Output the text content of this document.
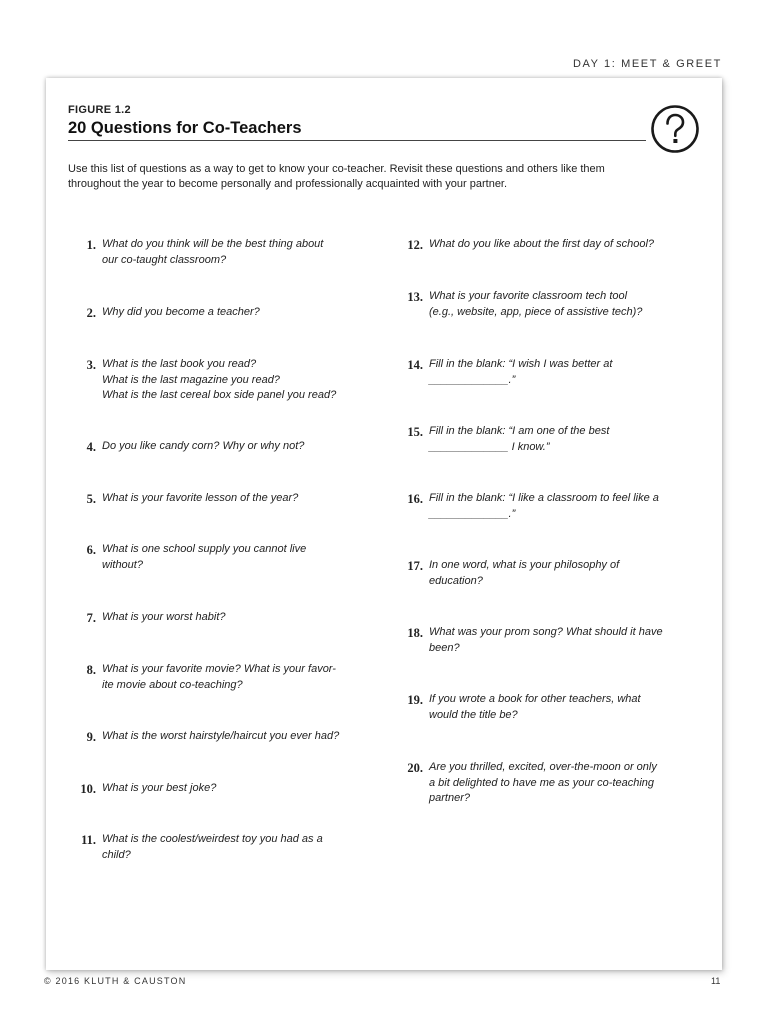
DAY 1: MEET & GREET
FIGURE 1.2
20 Questions for Co-Teachers
Use this list of questions as a way to get to know your co-teacher. Revisit these questions and others like them throughout the year to become personally and professionally acquainted with your partner.
1. What do you think will be the best thing about
our co-taught classroom?
2. Why did you become a teacher?
3. What is the last book you read?
What is the last magazine you read?
What is the last cereal box side panel you read?
4. Do you like candy corn? Why or why not?
5. What is your favorite lesson of the year?
6. What is one school supply you cannot live
without?
7. What is your worst habit?
8. What is your favorite movie? What is your favor-
ite movie about co-teaching?
9. What is the worst hairstyle/haircut you ever had?
10. What is your best joke?
11. What is the coolest/weirdest toy you had as a
child?
12. What do you like about the first day of school?
13. What is your favorite classroom tech tool
(e.g., website, app, piece of assistive tech)?
14. Fill in the blank: “I wish I was better at
_____________.”
15. Fill in the blank: “I am one of the best
_____________ I know.”
16. Fill in the blank: “I like a classroom to feel like a
_____________.”
17. In one word, what is your philosophy of
education?
18. What was your prom song? What should it have
been?
19. If you wrote a book for other teachers, what
would the title be?
20. Are you thrilled, excited, over-the-moon or only
a bit delighted to have me as your co-teaching
partner?
© 2016 KLUTH & CAUSTON	11
